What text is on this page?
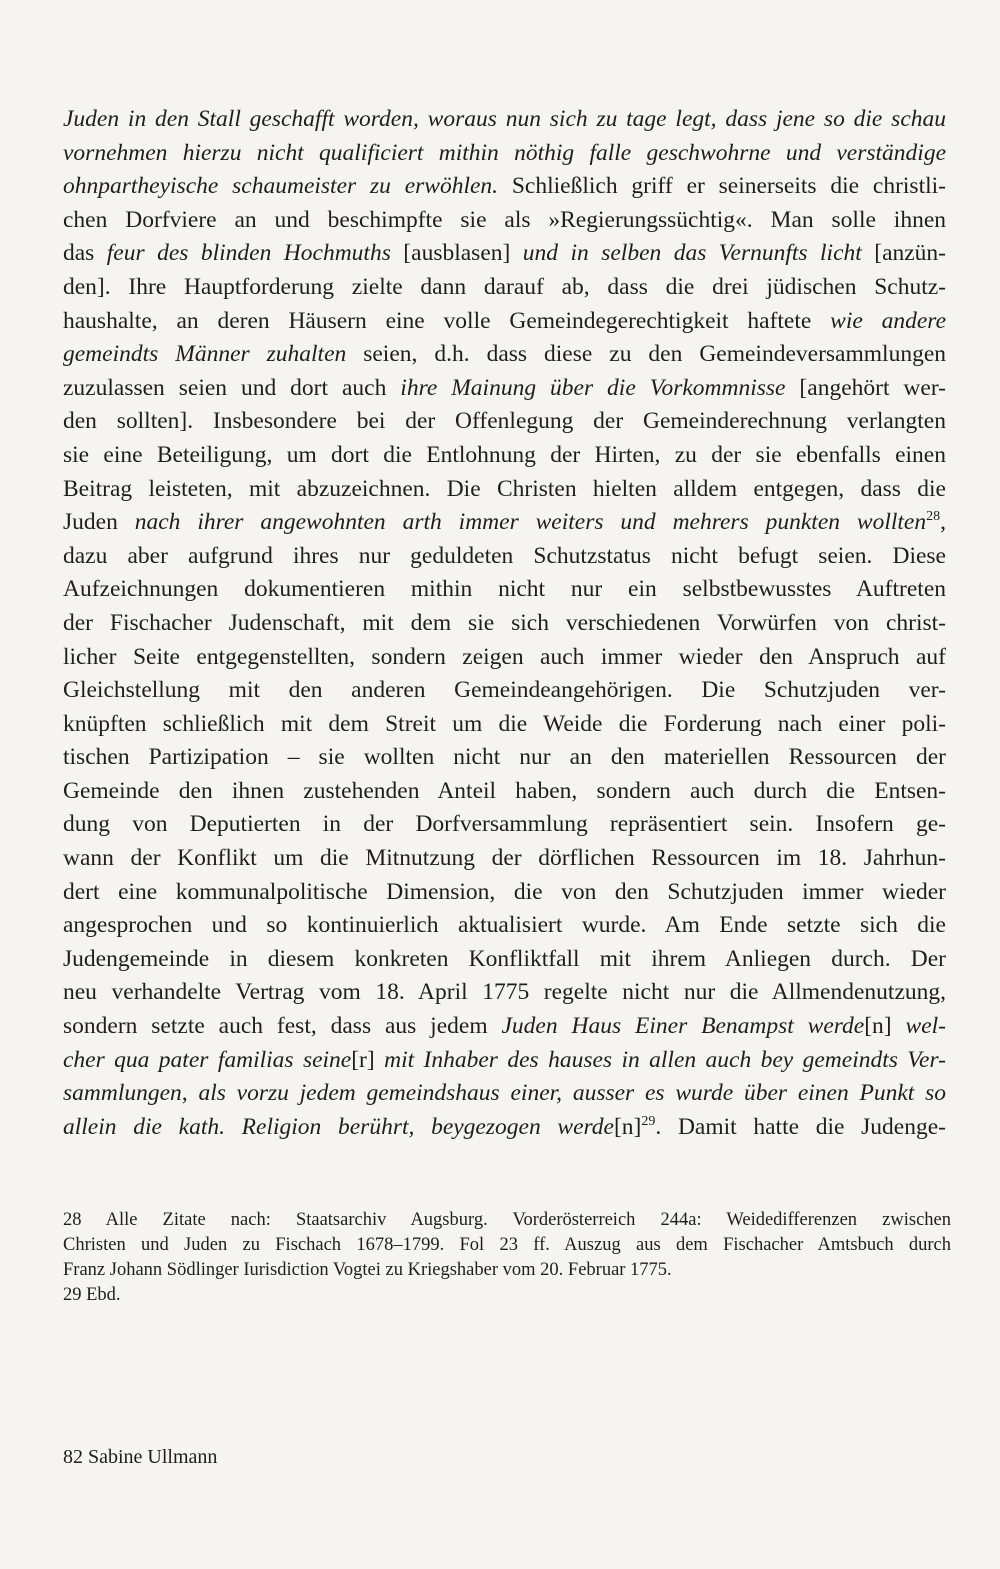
Juden in den Stall geschafft worden, woraus nun sich zu tage legt, dass jene so die schau
vornehmen hierzu nicht qualificiert mithin nöthig falle geschwohrne und verständige
ohnpartheyische schaumeister zu erwöhlen. Schließlich griff er seinerseits die christli-
chen Dorfviere an und beschimpfte sie als »Regierungssüchtig«. Man solle ihnen
das feur des blinden Hochmuths [ausblasen] und in selben das Vernunfts licht [anzün-
den]. Ihre Hauptforderung zielte dann darauf ab, dass die drei jüdischen Schutz-
haushalte, an deren Häusern eine volle Gemeindegerechtigkeit haftete wie andere
gemeindts Männer zuhalten seien, d.h. dass diese zu den Gemeindeversammlungen
zuzulassen seien und dort auch ihre Mainung über die Vorkommnisse [angehört wer-
den sollten]. Insbesondere bei der Offenlegung der Gemeinderechnung verlangten
sie eine Beteiligung, um dort die Entlohnung der Hirten, zu der sie ebenfalls einen
Beitrag leisteten, mit abzuzeichnen. Die Christen hielten alldem entgegen, dass die
Juden nach ihrer angewohnten arth immer weiters und mehrers punkten wollten$^{28}$,
dazu aber aufgrund ihres nur geduldeten Schutzstatus nicht befugt seien. Diese
Aufzeichnungen dokumentieren mithin nicht nur ein selbstbewusstes Auftreten
der Fischacher Judenschaft, mit dem sie sich verschiedenen Vorwürfen von christ-
licher Seite entgegenstellten, sondern zeigen auch immer wieder den Anspruch auf
Gleichstellung mit den anderen Gemeindeangehörigen. Die Schutzjuden ver-
knüpften schließlich mit dem Streit um die Weide die Forderung nach einer poli-
tischen Partizipation – sie wollten nicht nur an den materiellen Ressourcen der
Gemeinde den ihnen zustehenden Anteil haben, sondern auch durch die Entsen-
dung von Deputierten in der Dorfversammlung repräsentiert sein. Insofern ge-
wann der Konflikt um die Mitnutzung der dörflichen Ressourcen im 18. Jahrhun-
dert eine kommunalpolitische Dimension, die von den Schutzjuden immer wieder
angesprochen und so kontinuierlich aktualisiert wurde. Am Ende setzte sich die
Judengemeinde in diesem konkreten Konfliktfall mit ihrem Anliegen durch. Der
neu verhandelte Vertrag vom 18. April 1775 regelte nicht nur die Allmendenutzung,
sondern setzte auch fest, dass aus jedem Juden Haus Einer Benampst werde[n] wel-
cher qua pater familias seine[r] mit Inhaber des hauses in allen auch bey gemeindts Ver-
sammlungen, als vorzu jedem gemeindshaus einer, ausser es wurde über einen Punkt so
allein die kath. Religion berührt, beygezogen $werde[n]^{29}$. Damit hatte die Judenge-
28 Alle Zitate nach: Staatsarchiv Augsburg. Vorderösterreich 244a: Weidedifferenzen zwischen
Christen und Juden zu Fischach 1678–1799. Fol 23 ff. Auszug aus dem Fischacher Amtsbuch durch
Franz Johann Södlinger Iurisdiction Vogtei zu Kriegshaber vom 20. Februar 1775.
29 Ebd.
82 Sabine Ullmann
